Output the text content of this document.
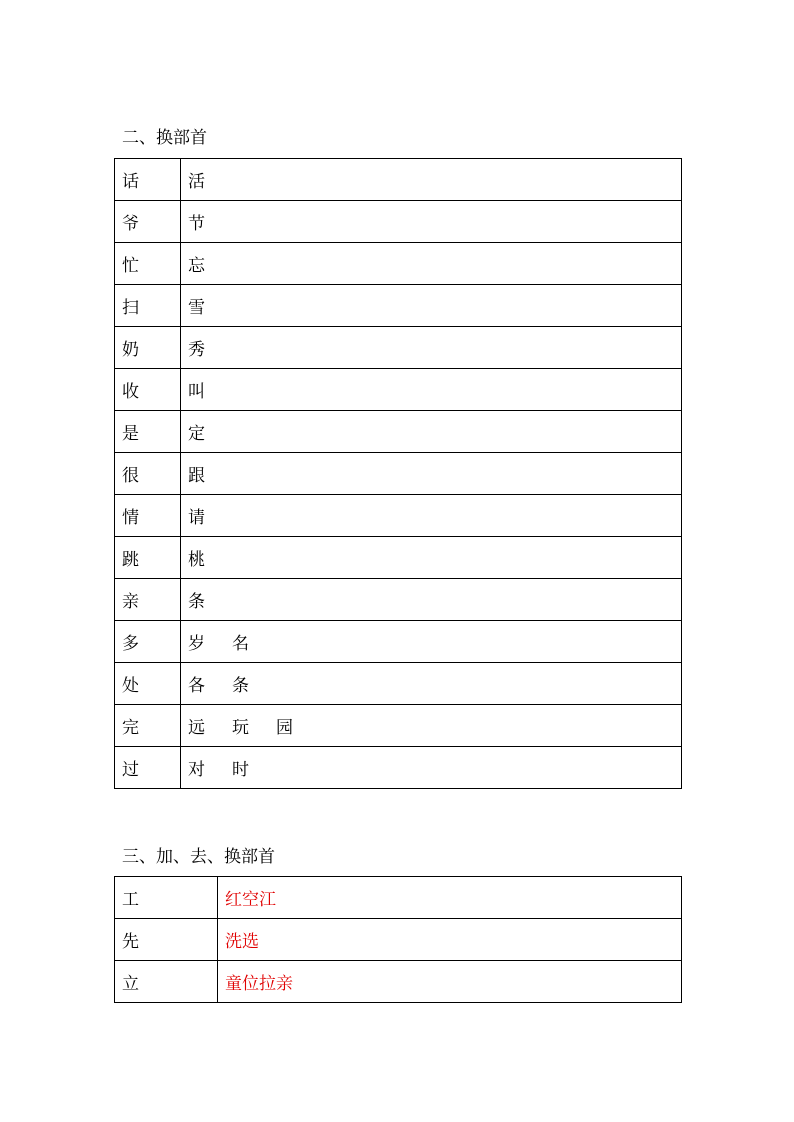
二、换部首
话	活
爷	节
忙	忘
扫	雪
奶	秀
收	叫
是	定
很	跟
情	请
跳	桃
亲	条
多	岁 名
处	各 条
完	远 玩 园
过	对 时
三、加、去、换部首
工	红空江
先	洗选
立	童位拉亲
